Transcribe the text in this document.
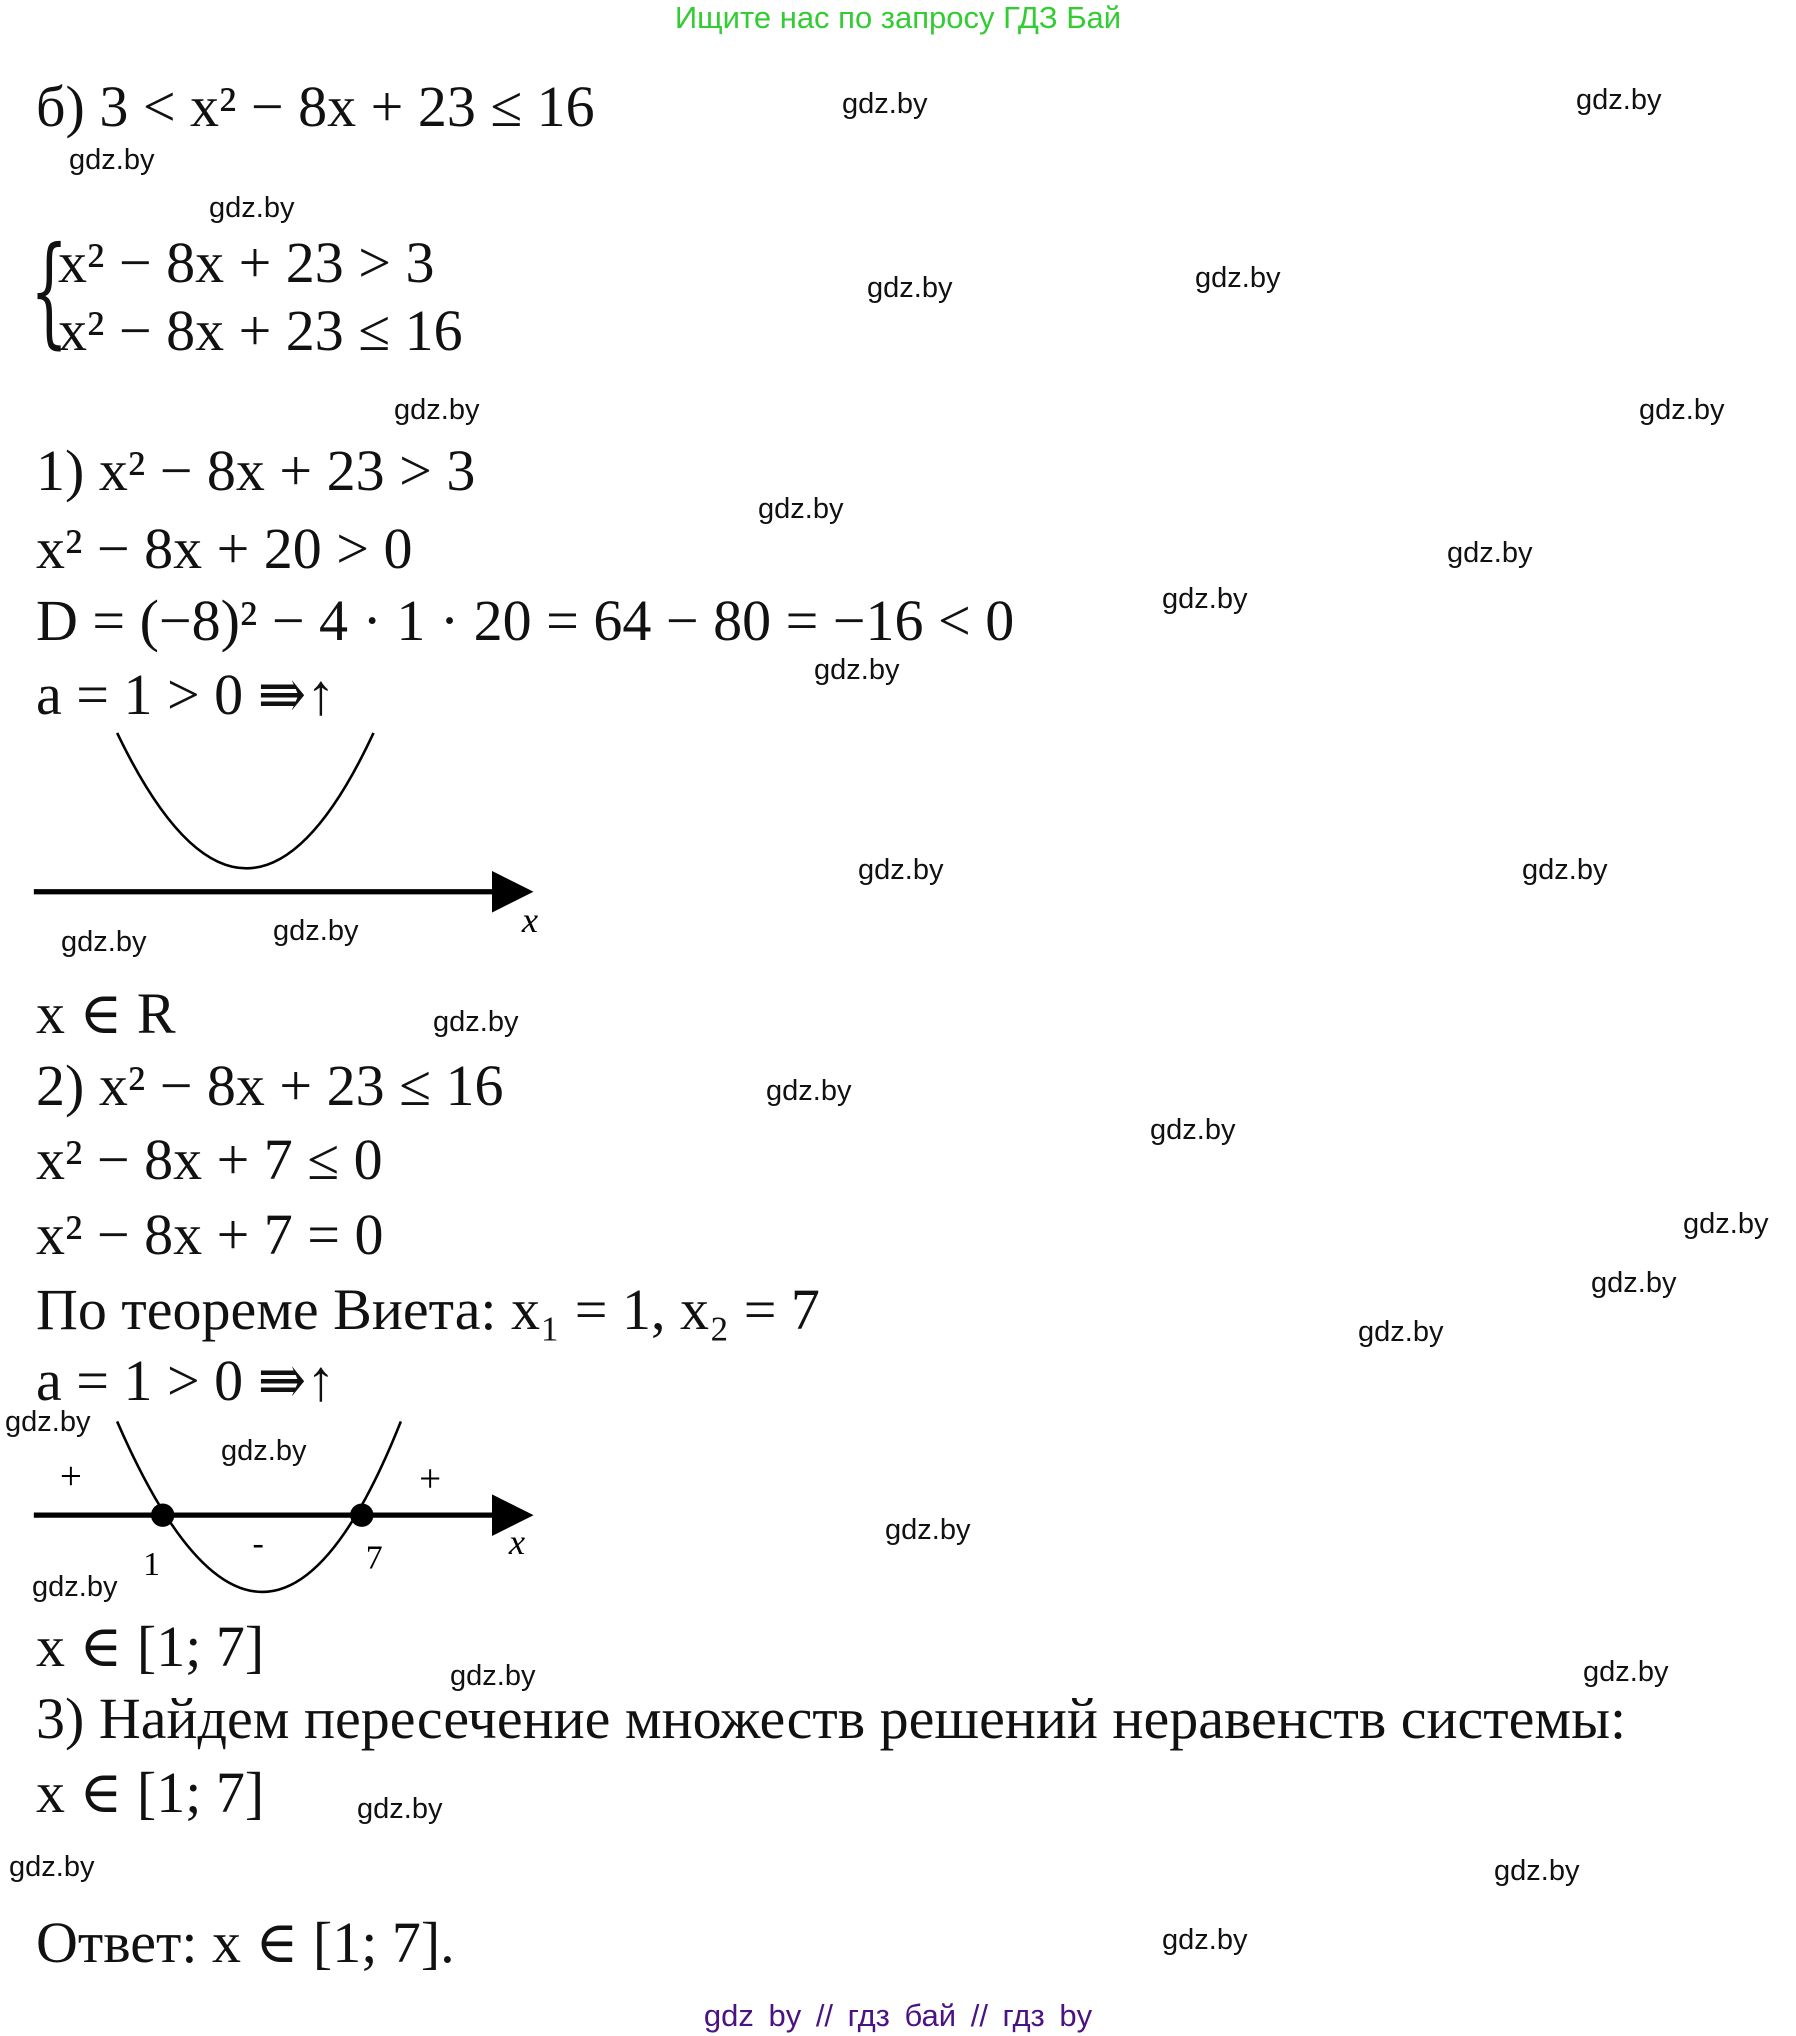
Ищите нас по запросу ГДЗ Бай
б) 3 < x² − 8x + 23 ≤ 16
{
x² − 8x + 23 > 3
x² − 8x + 23 ≤ 16
1) x² − 8x + 23 > 3
x² − 8x + 20 > 0
D = (−8)² − 4 · 1 · 20 = 64 − 80 = −16 < 0
a = 1 > 0 ⇛↑
x ∈ R
2) x² − 8x + 23 ≤ 16
x² − 8x + 7 ≤ 0
x² − 8x + 7 = 0
По теореме Виета: x₁ = 1, x₂ = 7
a = 1 > 0 ⇛↑
x ∈ [1; 7]
3) Найдем пересечение множеств решений неравенств системы:
x ∈ [1; 7]
Ответ: x ∈ [1; 7].
x
+
-
+
1	7	x
gdz.by	gdz.by
gdz.by
gdz.by
gdz.by	gdz.by
gdz.by	gdz.by
gdz.by
gdz.by
gdz.by
gdz.by
gdz.by	gdz.by
gdz.by	gdz.by
gdz.by
gdz.by
gdz.by
gdz.by
gdz.by
gdz.by
gdz.by
gdz.by
gdz.by
gdz.by
gdz.by	gdz.by
gdz.by
gdz.by	gdz.by
gdz.by
gdz by // гдз бай // гдз by
